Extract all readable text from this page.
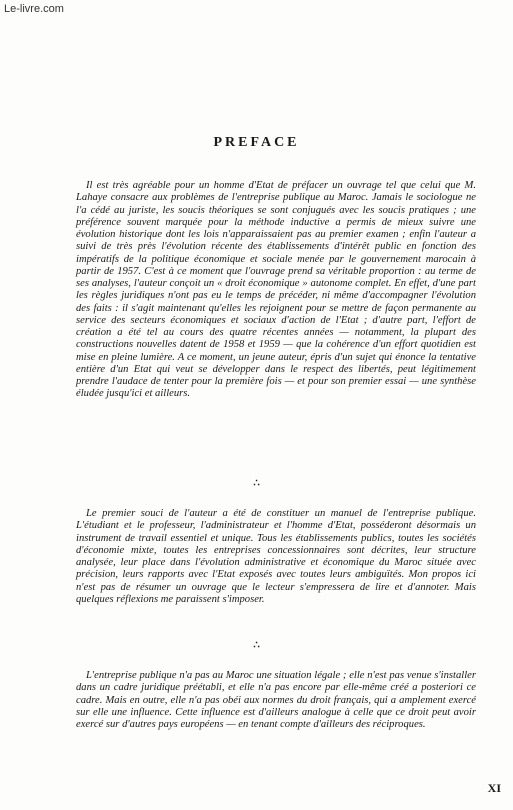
Le-livre.com
PREFACE

Il est très agréable pour un homme d'Etat de préfacer un ouvrage tel que celui que M. Lahaye consacre aux problèmes de l'entreprise publique au Maroc. Jamais le sociologue ne l'a cédé au juriste, les soucis théoriques se sont conjugués avec les soucis pratiques ; une préférence souvent marquée pour la méthode inductive a permis de mieux suivre une évolution historique dont les lois n'apparaissaient pas au premier examen ; enfin l'auteur a suivi de très près l'évolution récente des établissements d'intérêt public en fonction des impératifs de la politique économique et sociale menée par le gouvernement marocain à partir de 1957. C'est à ce moment que l'ouvrage prend sa véritable proportion : au terme de ses analyses, l'auteur conçoit un « droit économique » autonome complet. En effet, d'une part les règles juridiques n'ont pas eu le temps de précéder, ni même d'accompagner l'évolution des faits : il s'agit maintenant qu'elles les rejoignent pour se mettre de façon permanente au service des secteurs économiques et sociaux d'action de l'Etat ; d'autre part, l'effort de création a été tel au cours des quatre récentes années — notamment, la plupart des constructions nouvelles datent de 1958 et 1959 — que la cohérence d'un effort quotidien est mise en pleine lumière. A ce moment, un jeune auteur, épris d'un sujet qui énonce la tentative entière d'un Etat qui veut se développer dans le respect des libertés, peut légitimement prendre l'audace de tenter pour la première fois — et pour son premier essai — une synthèse éludée jusqu'ici et ailleurs.

∴

Le premier souci de l'auteur a été de constituer un manuel de l'entreprise publique. L'étudiant et le professeur, l'administrateur et l'homme d'Etat, posséderont désormais un instrument de travail essentiel et unique. Tous les établissements publics, toutes les sociétés d'économie mixte, toutes les entreprises concessionnaires sont décrites, leur structure analysée, leur place dans l'évolution administrative et économique du Maroc située avec précision, leurs rapports avec l'Etat exposés avec toutes leurs ambiguïtés. Mon propos ici n'est pas de résumer un ouvrage que le lecteur s'empressera de lire et d'annoter. Mais quelques réflexions me paraissent s'imposer.

∴

L'entreprise publique n'a pas au Maroc une situation légale ; elle n'est pas venue s'installer dans un cadre juridique préétabli, et elle n'a pas encore par elle-même créé a posteriori ce cadre. Mais en outre, elle n'a pas obéi aux normes du droit français, qui a amplement exercé sur elle une influence. Cette influence est d'ailleurs analogue à celle que ce droit peut avoir exercé sur d'autres pays européens — en tenant compte d'ailleurs des réciproques.

XI
